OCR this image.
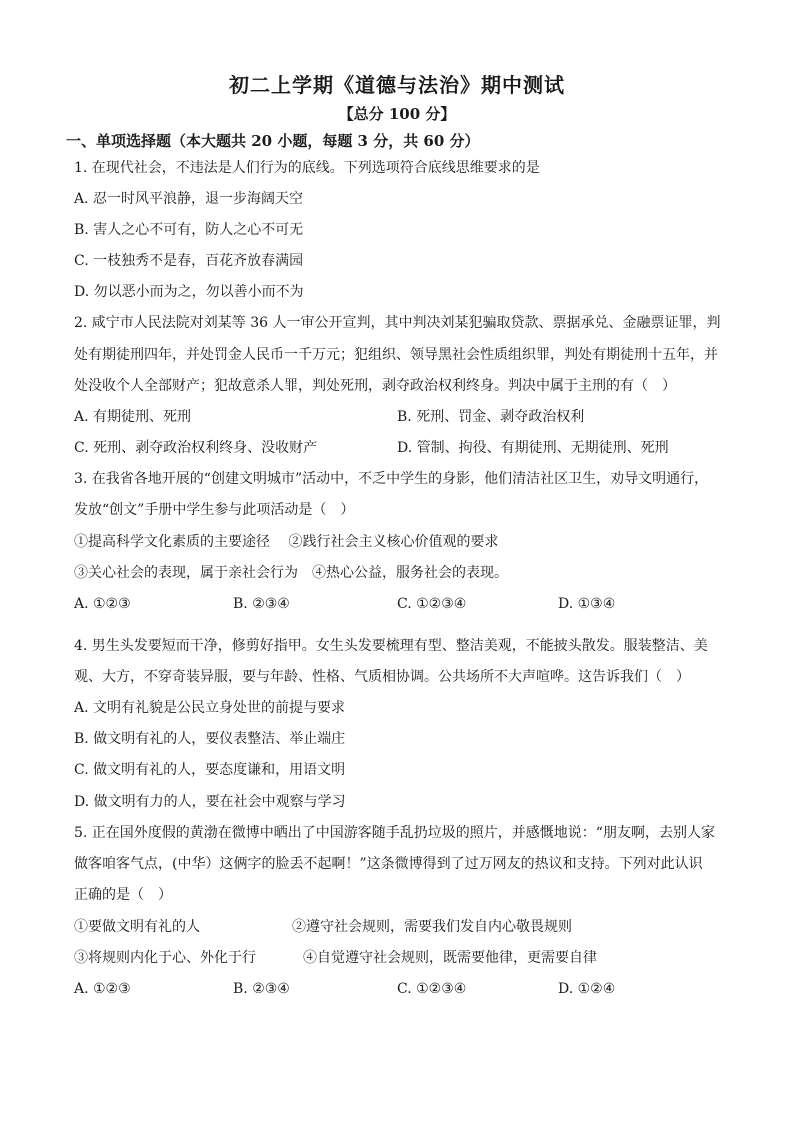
初二上学期《道德与法治》期中测试
【总分 100 分】
一、单项选择题（本大题共 20 小题，每题 3 分，共 60 分）
1. 在现代社会，不违法是人们行为的底线。下列选项符合底线思维要求的是
A. 忍一时风平浪静，退一步海阔天空
B. 害人之心不可有，防人之心不可无
C. 一枝独秀不是春，百花齐放春满园
D. 勿以恶小而为之，勿以善小而不为
2. 咸宁市人民法院对刘某等 36 人一审公开宣判，其中判决刘某犯骗取贷款、票据承兑、金融票证罪，判
处有期徒刑四年，并处罚金人民币一千万元；犯组织、领导黑社会性质组织罪，判处有期徒刑十五年，并
处没收个人全部财产；犯故意杀人罪，判处死刑，剥夺政治权利终身。判决中属于主刑的有（　）
A. 有期徒刑、死刑	B. 死刑、罚金、剥夺政治权利
C. 死刑、剥夺政治权利终身、没收财产	D. 管制、拘役、有期徒刑、无期徒刑、死刑
3. 在我省各地开展的“创建文明城市”活动中，不乏中学生的身影，他们清洁社区卫生，劝导文明通行，
发放“创文”手册中学生参与此项活动是（　）
①提高科学文化素质的主要途径　 ②践行社会主义核心价值观的要求
③关心社会的表现，属于亲社会行为　④热心公益，服务社会的表现。
A. ①②③	B. ②③④	C. ①②③④	D. ①③④
4. 男生头发要短而干净，修剪好指甲。女生头发要梳理有型、整洁美观，不能披头散发。服装整洁、美
观、大方，不穿奇装异服，要与年龄、性格、气质相协调。公共场所不大声喧哗。这告诉我们（　）
A. 文明有礼貌是公民立身处世的前提与要求
B. 做文明有礼的人，要仪表整洁、举止端庄
C. 做文明有礼的人，要态度谦和，用语文明
D. 做文明有力的人，要在社会中观察与学习
5. 正在国外度假的黄渤在微博中晒出了中国游客随手乱扔垃圾的照片，并感慨地说：“朋友啊，去别人家
做客咱客气点，(中华）这俩字的脸丢不起啊！”这条微博得到了过万网友的热议和支持。下列对此认识
正确的是（　）
①要做文明有礼的人	②遵守社会规则，需要我们发自内心敬畏规则
③将规则内化于心、外化于行	④自觉遵守社会规则，既需要他律，更需要自律
A. ①②③	B. ②③④	C. ①②③④	D. ①②④
